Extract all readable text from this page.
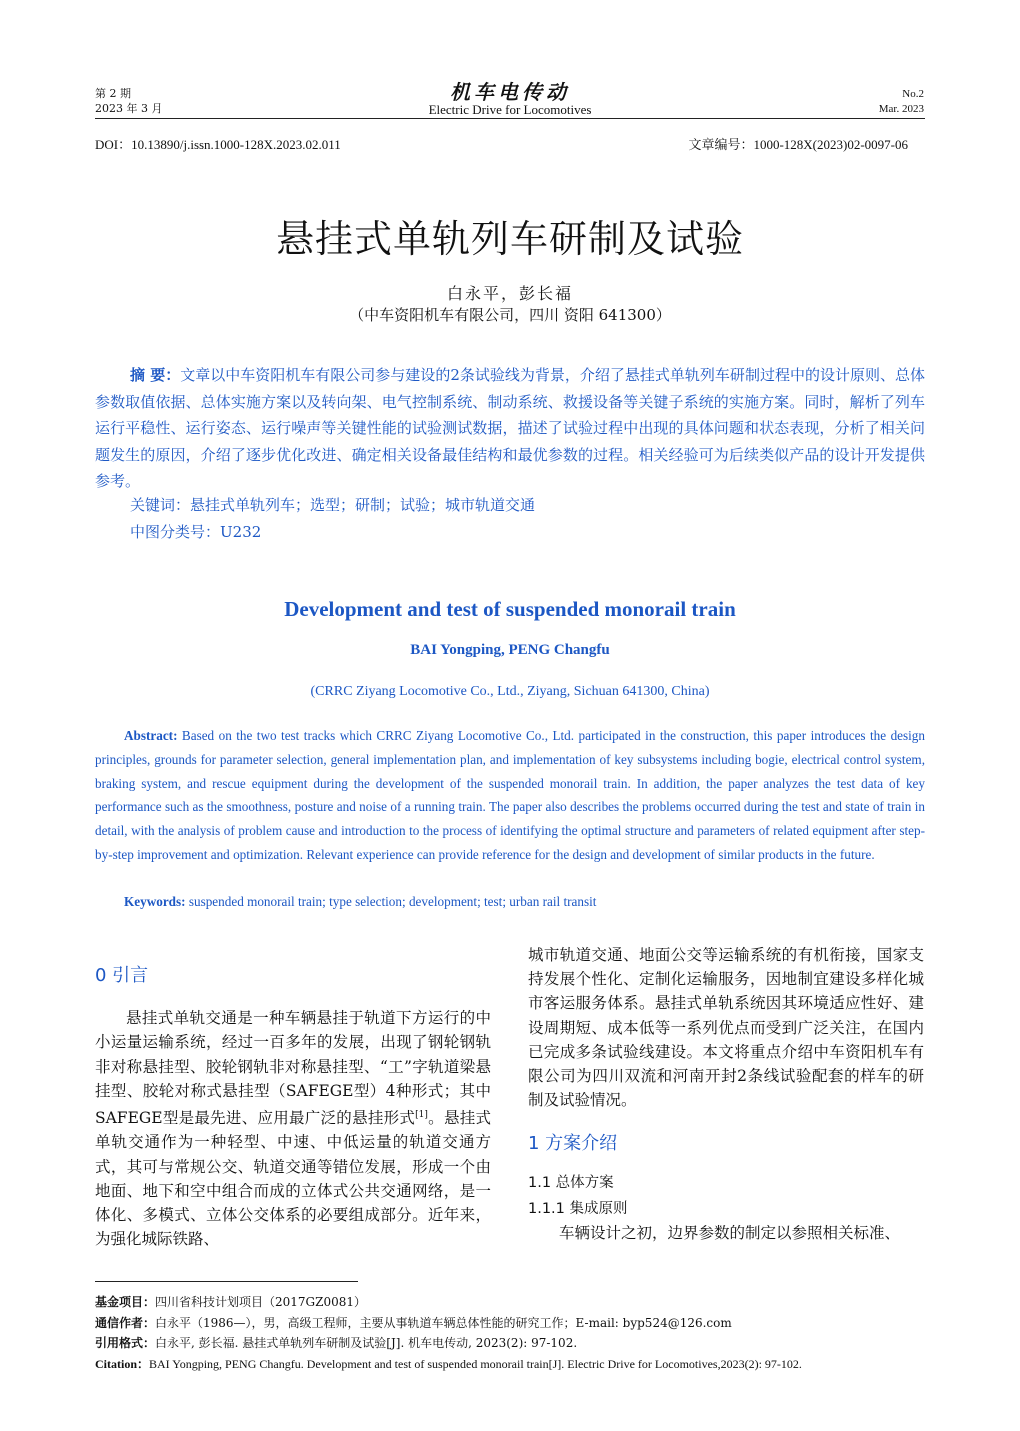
第 2 期
2023 年 3 月
机车电传动
Electric Drive for Locomotives
No.2
Mar. 2023
DOI：10.13890/j.issn.1000-128X.2023.02.011	文章编号：1000-128X(2023)02-0097-06
悬挂式单轨列车研制及试验
白永平，彭长福
（中车资阳机车有限公司，四川 资阳 641300）
摘 要：文章以中车资阳机车有限公司参与建设的2条试验线为背景，介绍了悬挂式单轨列车研制过程中的设计原则、总体参数取值依据、总体实施方案以及转向架、电气控制系统、制动系统、救援设备等关键子系统的实施方案。同时，解析了列车运行平稳性、运行姿态、运行噪声等关键性能的试验测试数据，描述了试验过程中出现的具体问题和状态表现，分析了相关问题发生的原因，介绍了逐步优化改进、确定相关设备最佳结构和最优参数的过程。相关经验可为后续类似产品的设计开发提供参考。
关键词：悬挂式单轨列车；选型；研制；试验；城市轨道交通
中图分类号：U232
Development and test of suspended monorail train
BAI Yongping, PENG Changfu
(CRRC Ziyang Locomotive Co., Ltd., Ziyang, Sichuan 641300, China)
Abstract: Based on the two test tracks which CRRC Ziyang Locomotive Co., Ltd. participated in the construction, this paper introduces the design principles, grounds for parameter selection, general implementation plan, and implementation of key subsystems including bogie, electrical control system, braking system, and rescue equipment during the development of the suspended monorail train. In addition, the paper analyzes the test data of key performance such as the smoothness, posture and noise of a running train. The paper also describes the problems occurred during the test and state of train in detail, with the analysis of problem cause and introduction to the process of identifying the optimal structure and parameters of related equipment after step-by-step improvement and optimization. Relevant experience can provide reference for the design and development of similar products in the future.
Keywords: suspended monorail train; type selection; development; test; urban rail transit

0 引言

悬挂式单轨交通是一种车辆悬挂于轨道下方运行的中小运量运输系统，经过一百多年的发展，出现了钢轮钢轨非对称悬挂型、胶轮钢轨非对称悬挂型、“工”字轨道梁悬挂型、胶轮对称式悬挂型（SAFEGE型）4种形式；其中SAFEGE型是最先进、应用最广泛的悬挂形式[1]。悬挂式单轨交通作为一种轻型、中速、中低运量的轨道交通方式，其可与常规公交、轨道交通等错位发展，形成一个由地面、地下和空中组合而成的立体式公共交通网络，是一体化、多模式、立体公交体系的必要组成部分。近年来，为强化城际铁路、

城市轨道交通、地面公交等运输系统的有机衔接，国家支持发展个性化、定制化运输服务，因地制宜建设多样化城市客运服务体系。悬挂式单轨系统因其环境适应性好、建设周期短、成本低等一系列优点而受到广泛关注，在国内已完成多条试验线建设。本文将重点介绍中车资阳机车有限公司为四川双流和河南开封2条线试验配套的样车的研制及试验情况。

1 方案介绍

1.1 总体方案

1.1.1 集成原则

车辆设计之初，边界参数的制定以参照相关标准、

基金项目：四川省科技计划项目（2017GZ0081）
通信作者：白永平（1986—），男，高级工程师，主要从事轨道车辆总体性能的研究工作；E-mail: byp524@126.com
引用格式：白永平, 彭长福. 悬挂式单轨列车研制及试验[J]. 机车电传动, 2023(2): 97-102.
Citation：BAI Yongping, PENG Changfu. Development and test of suspended monorail train[J]. Electric Drive for Locomotives,2023(2): 97-102.
